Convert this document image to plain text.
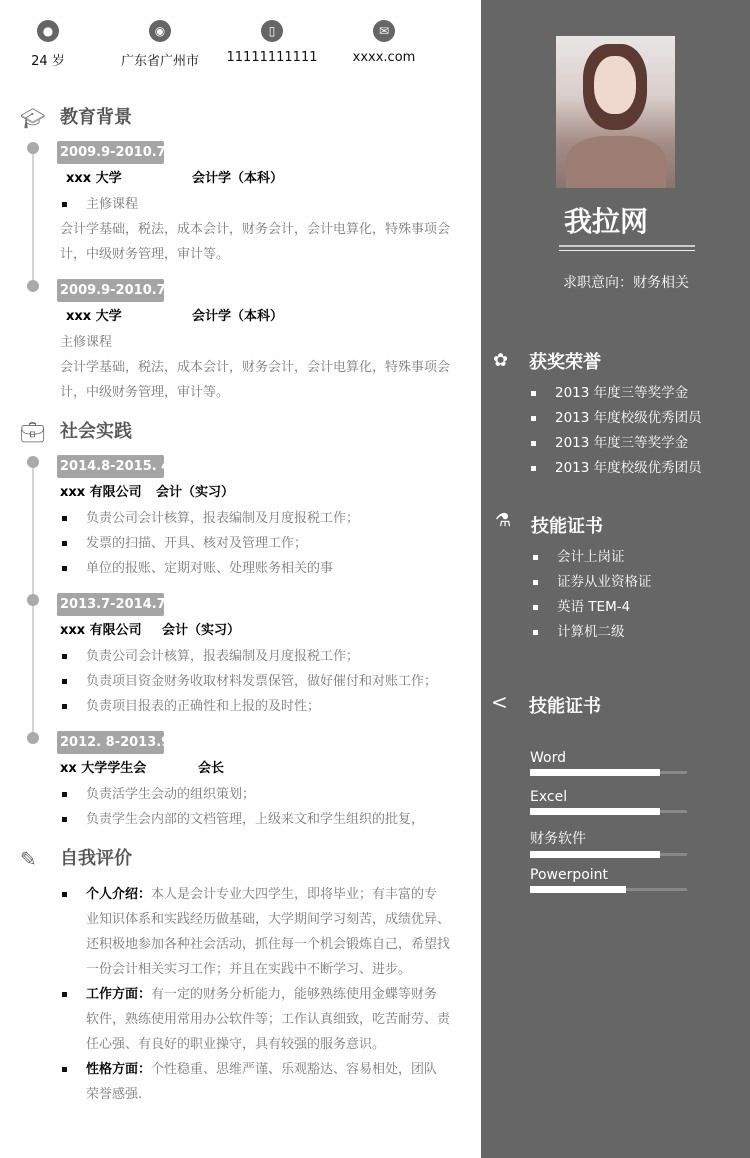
我拉网
求职意向：财务相关
✿ 获奖荣誉
2013 年度三等奖学金
2013 年度校级优秀团员
2013 年度三等奖学金
2013 年度校级优秀团员
⚗︎ 技能证书
会计上岗证
证券从业资格证
英语 TEM-4
计算机二级
< 技能证书
Word
Excel
财务软件
Powerpoint
●
24 岁
◉
广东省广州市
▯
11111111111
✉
xxxx.com
🎓︎ 教育背景
2009.9-2010.7
xxx 大学	会计学（本科）
主修课程
会计学基础，税法，成本会计，财务会计，会计电算化，特殊事项会计，中级财务管理，审计等。
2009.9-2010.7
xxx 大学	会计学（本科）
主修课程
会计学基础，税法，成本会计，财务会计，会计电算化，特殊事项会计，中级财务管理，审计等。
💼︎ 社会实践
2014.8-2015. 4
xxx 有限公司	会计（实习）
负责公司会计核算，报表编制及月度报税工作；
发票的扫描、开具、核对及管理工作；
单位的报账、定期对账、处理账务相关的事
2013.7-2014.7
xxx 有限公司	会计（实习）
负责公司会计核算，报表编制及月度报税工作；
负责项目资金财务收取材料发票保管，做好催付和对账工作；
负责项目报表的正确性和上报的及时性；
2012. 8-2013.9
xx 大学学生会	会长
负责活学生会动的组织策划；
负责学生会内部的文档管理，上级来文和学生组织的批复，
✎	自我评价
个人介绍：本人是会计专业大四学生，即将毕业；有丰富的专业知识体系和实践经历做基础，大学期间学习刻苦，成绩优异、还积极地参加各种社会活动，抓住每一个机会锻炼自己，希望找一份会计相关实习工作；并且在实践中不断学习、进步。
工作方面：有一定的财务分析能力，能够熟练使用金蝶等财务软件，熟练使用常用办公软件等；工作认真细致，吃苦耐劳、责任心强、有良好的职业操守，具有较强的服务意识。
性格方面：个性稳重、思维严谨、乐观豁达、容易相处，团队荣誉感强.
